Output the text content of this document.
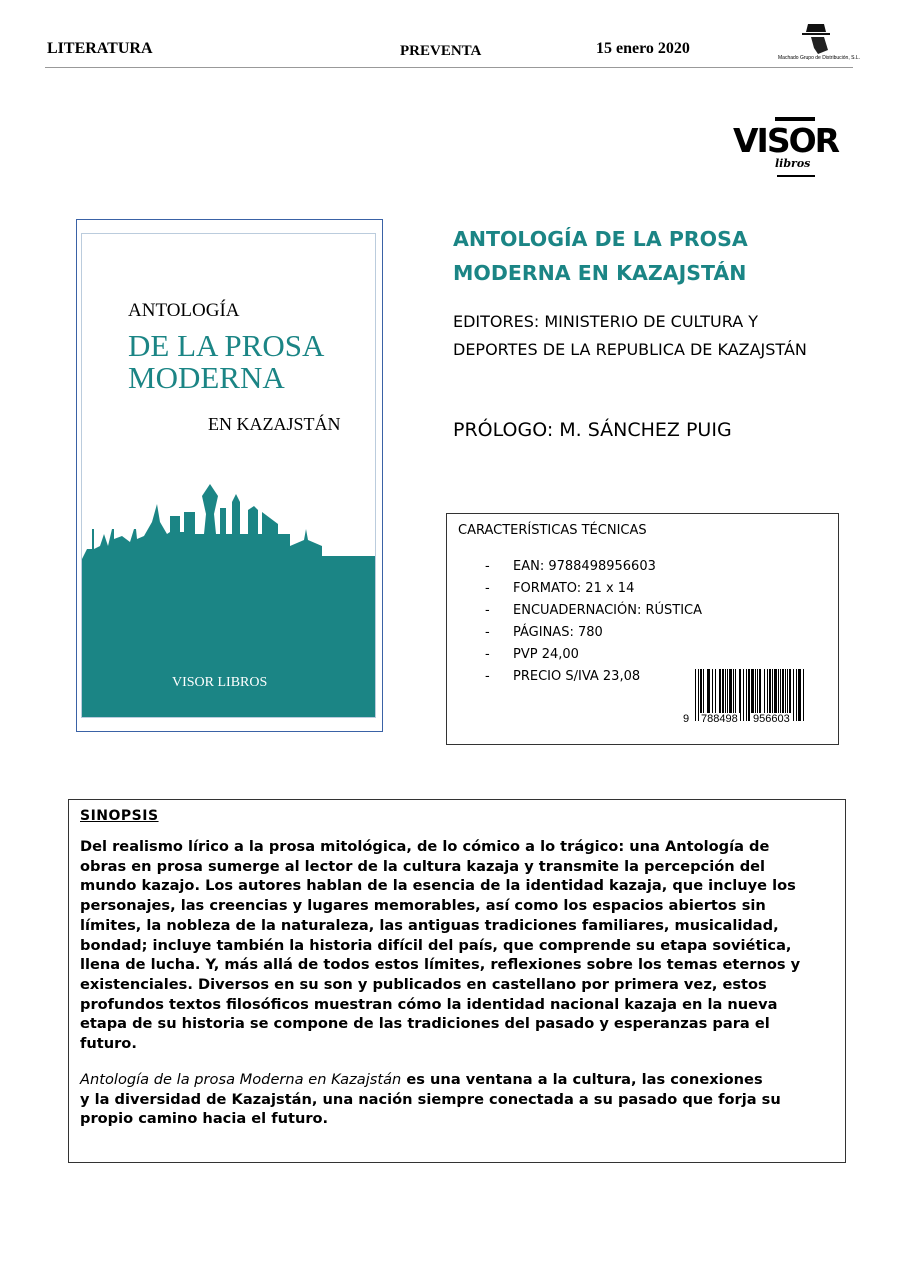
LITERATURA	PREVENTA	15 enero 2020
Machado Grupo de Distribución, S.L.
VISOR
libros
ANTOLOGÍA
DE LA PROSA
MODERNA
EN KAZAJSTÁN
VISOR LIBROS
ANTOLOGÍA DE LA PROSA
MODERNA EN KAZAJSTÁN
EDITORES: MINISTERIO DE CULTURA Y
DEPORTES DE LA REPUBLICA DE KAZAJSTÁN
PRÓLOGO: M. SÁNCHEZ PUIG
CARACTERÍSTICAS TÉCNICAS
-	EAN: 9788498956603
-	FORMATO: 21 x 14
-	ENCUADERNACIÓN: RÚSTICA
-	PÁGINAS: 780
-	PVP 24,00
-	PRECIO S/IVA 23,08
9 788498 956603
SINOPSIS
Del realismo lírico a la prosa mitológica, de lo cómico a lo trágico: una Antología de
obras en prosa sumerge al lector de la cultura kazaja y transmite la percepción del
mundo kazajo. Los autores hablan de la esencia de la identidad kazaja, que incluye los
personajes, las creencias y lugares memorables, así como los espacios abiertos sin
límites, la nobleza de la naturaleza, las antiguas tradiciones familiares, musicalidad,
bondad; incluye también la historia difícil del país, que comprende su etapa soviética,
llena de lucha. Y, más allá de todos estos límites, reflexiones sobre los temas eternos y
existenciales. Diversos en su son y publicados en castellano por primera vez, estos
profundos textos filosóficos muestran cómo la identidad nacional kazaja en la nueva
etapa de su historia se compone de las tradiciones del pasado y esperanzas para el
futuro.
Antología de la prosa Moderna en Kazajstán es una ventana a la cultura, las conexiones
y la diversidad de Kazajstán, una nación siempre conectada a su pasado que forja su
propio camino hacia el futuro.
